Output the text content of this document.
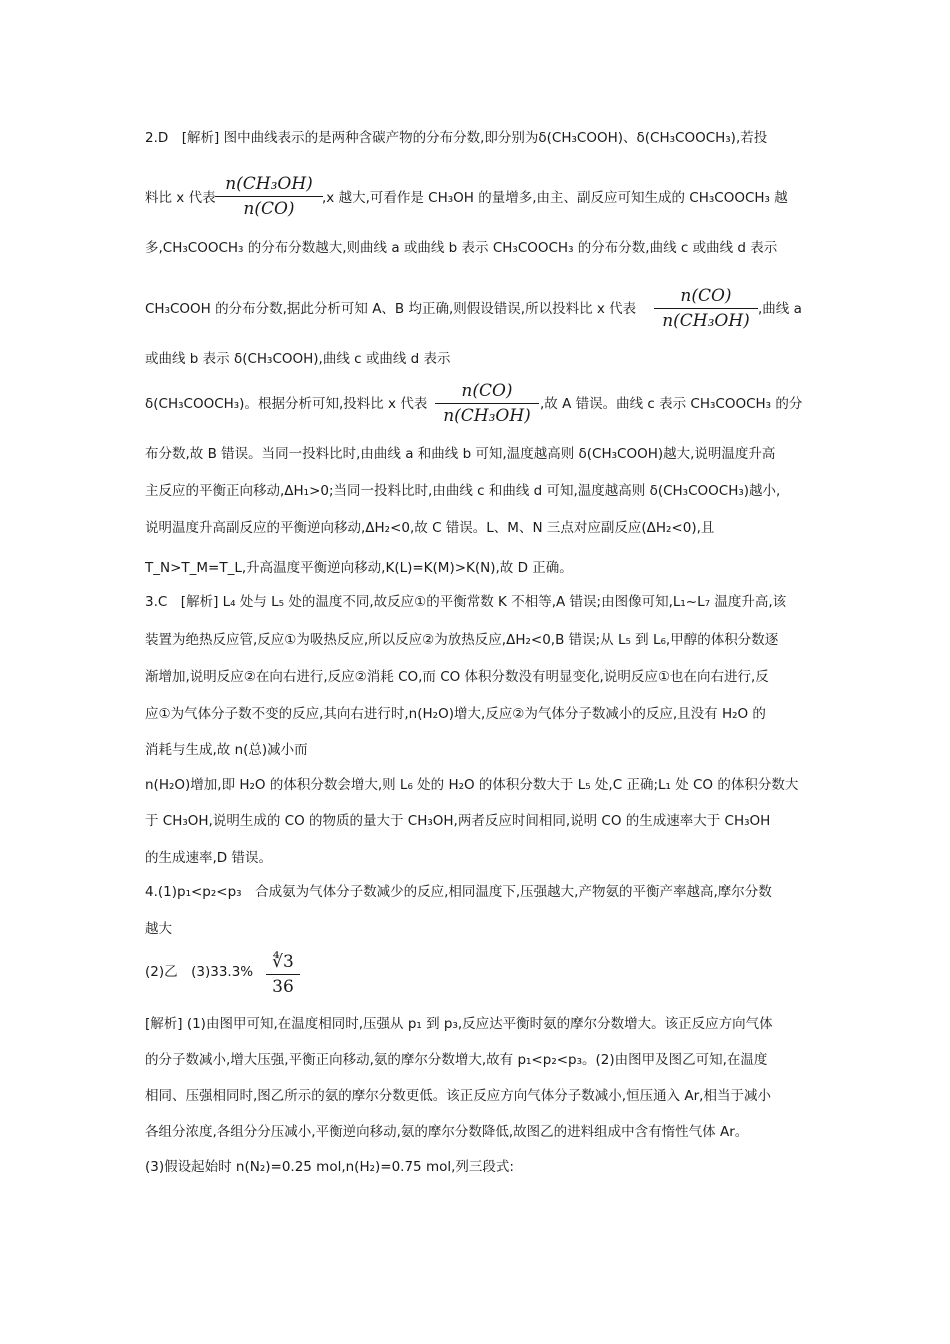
2.D　[解析] 图中曲线表示的是两种含碳产物的分布分数,即分别为δ(CH₃COOH)、δ(CH₃COOCH₃),若投
料比 x 代表
n(CH₃OH)
n(CO)
,x 越大,可看作是 CH₃OH 的量增多,由主、副反应可知生成的 CH₃COOCH₃ 越
多,CH₃COOCH₃ 的分布分数越大,则曲线 a 或曲线 b 表示 CH₃COOCH₃ 的分布分数,曲线 c 或曲线 d 表示
CH₃COOH 的分布分数,据此分析可知 A、B 均正确,则假设错误,所以投料比 x 代表
n(CO)
n(CH₃OH)
,曲线 a
或曲线 b 表示 δ(CH₃COOH),曲线 c 或曲线 d 表示
δ(CH₃COOCH₃)。根据分析可知,投料比 x 代表
n(CO)
n(CH₃OH)
,故 A 错误。曲线 c 表示 CH₃COOCH₃ 的分
布分数,故 B 错误。当同一投料比时,由曲线 a 和曲线 b 可知,温度越高则 δ(CH₃COOH)越大,说明温度升高
主反应的平衡正向移动,ΔH₁>0;当同一投料比时,由曲线 c 和曲线 d 可知,温度越高则 δ(CH₃COOCH₃)越小,
说明温度升高副反应的平衡逆向移动,ΔH₂<0,故 C 错误。L、M、N 三点对应副反应(ΔH₂<0),且
T_N>T_M=T_L,升高温度平衡逆向移动,K(L)=K(M)>K(N),故 D 正确。
3.C　[解析] L₄ 处与 L₅ 处的温度不同,故反应①的平衡常数 K 不相等,A 错误;由图像可知,L₁~L₇ 温度升高,该
装置为绝热反应管,反应①为吸热反应,所以反应②为放热反应,ΔH₂<0,B 错误;从 L₅ 到 L₆,甲醇的体积分数逐
渐增加,说明反应②在向右进行,反应②消耗 CO,而 CO 体积分数没有明显变化,说明反应①也在向右进行,反
应①为气体分子数不变的反应,其向右进行时,n(H₂O)增大,反应②为气体分子数减小的反应,且没有 H₂O 的
消耗与生成,故 n(总)减小而
n(H₂O)增加,即 H₂O 的体积分数会增大,则 L₆ 处的 H₂O 的体积分数大于 L₅ 处,C 正确;L₁ 处 CO 的体积分数大
于 CH₃OH,说明生成的 CO 的物质的量大于 CH₃OH,两者反应时间相同,说明 CO 的生成速率大于 CH₃OH
的生成速率,D 错误。
4.(1)p₁<p₂<p₃　合成氨为气体分子数减少的反应,相同温度下,压强越大,产物氨的平衡产率越高,摩尔分数
越大
(2)乙　(3)33.3%	∜3
36
[解析] (1)由图甲可知,在温度相同时,压强从 p₁ 到 p₃,反应达平衡时氨的摩尔分数增大。该正反应方向气体
的分子数减小,增大压强,平衡正向移动,氨的摩尔分数增大,故有 p₁<p₂<p₃。(2)由图甲及图乙可知,在温度
相同、压强相同时,图乙所示的氨的摩尔分数更低。该正反应方向气体分子数减小,恒压通入 Ar,相当于减小
各组分浓度,各组分分压减小,平衡逆向移动,氨的摩尔分数降低,故图乙的进料组成中含有惰性气体 Ar。
(3)假设起始时 n(N₂)=0.25 mol,n(H₂)=0.75 mol,列三段式:
